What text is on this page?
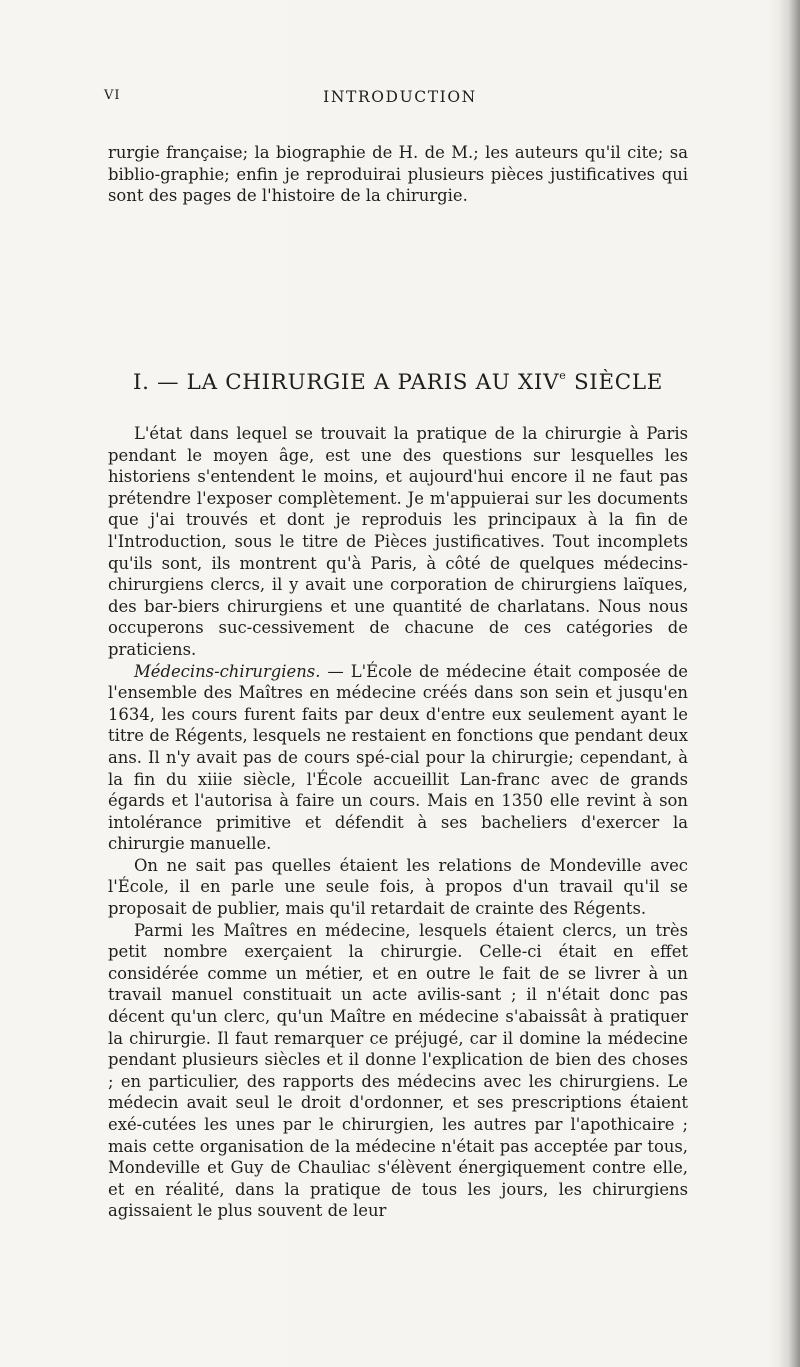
VI	INTRODUCTION

rurgie française; la biographie de H. de M.; les auteurs qu'il cite; sa biblio-graphie; enfin je reproduirai plusieurs pièces justificatives qui sont des pages de l'histoire de la chirurgie.

I. — LA CHIRURGIE A PARIS AU XIVe SIÈCLE

L'état dans lequel se trouvait la pratique de la chirurgie à Paris pendant le moyen âge, est une des questions sur lesquelles les historiens s'entendent le moins, et aujourd'hui encore il ne faut pas prétendre l'exposer complètement. Je m'appuierai sur les documents que j'ai trouvés et dont je reproduis les principaux à la fin de l'Introduction, sous le titre de Pièces justificatives. Tout incomplets qu'ils sont, ils montrent qu'à Paris, à côté de quelques médecins-chirurgiens clercs, il y avait une corporation de chirurgiens laïques, des bar-biers chirurgiens et une quantité de charlatans. Nous nous occuperons suc-cessivement de chacune de ces catégories de praticiens.

Médecins-chirurgiens. — L'École de médecine était composée de l'ensemble des Maîtres en médecine créés dans son sein et jusqu'en 1634, les cours furent faits par deux d'entre eux seulement ayant le titre de Régents, lesquels ne restaient en fonctions que pendant deux ans. Il n'y avait pas de cours spé-cial pour la chirurgie; cependant, à la fin du xiiie siècle, l'École accueillit Lan-franc avec de grands égards et l'autorisa à faire un cours. Mais en 1350 elle revint à son intolérance primitive et défendit à ses bacheliers d'exercer la chirurgie manuelle.

On ne sait pas quelles étaient les relations de Mondeville avec l'École, il en parle une seule fois, à propos d'un travail qu'il se proposait de publier, mais qu'il retardait de crainte des Régents.

Parmi les Maîtres en médecine, lesquels étaient clercs, un très petit nombre exerçaient la chirurgie. Celle-ci était en effet considérée comme un métier, et en outre le fait de se livrer à un travail manuel constituait un acte avilis-sant ; il n'était donc pas décent qu'un clerc, qu'un Maître en médecine s'abaissât à pratiquer la chirurgie. Il faut remarquer ce préjugé, car il domine la médecine pendant plusieurs siècles et il donne l'explication de bien des choses ; en particulier, des rapports des médecins avec les chirurgiens. Le médecin avait seul le droit d'ordonner, et ses prescriptions étaient exé-cutées les unes par le chirurgien, les autres par l'apothicaire ; mais cette organisation de la médecine n'était pas acceptée par tous, Mondeville et Guy de Chauliac s'élèvent énergiquement contre elle, et en réalité, dans la pratique de tous les jours, les chirurgiens agissaient le plus souvent de leur
